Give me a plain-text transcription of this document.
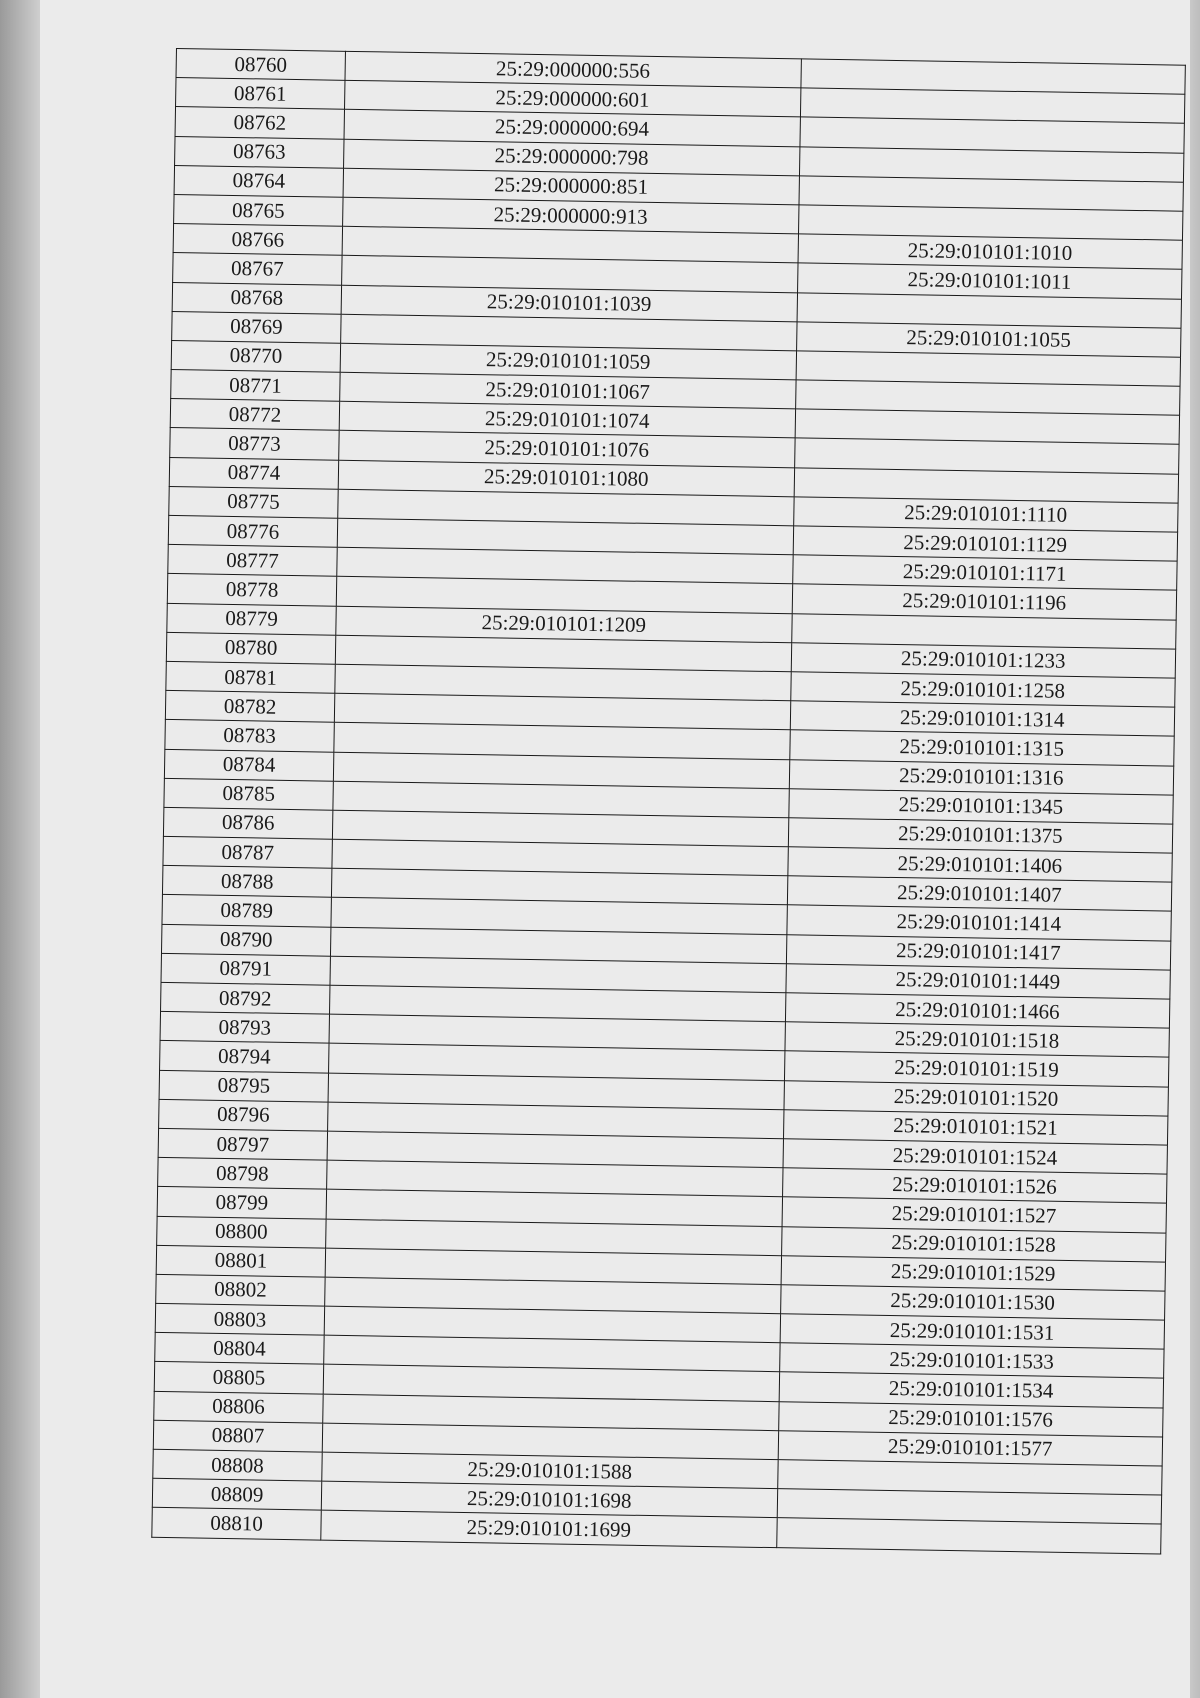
08760	25:29:000000:556	
08761	25:29:000000:601	
08762	25:29:000000:694	
08763	25:29:000000:798	
08764	25:29:000000:851	
08765	25:29:000000:913	
08766		25:29:010101:1010
08767		25:29:010101:1011
08768	25:29:010101:1039	
08769		25:29:010101:1055
08770	25:29:010101:1059	
08771	25:29:010101:1067	
08772	25:29:010101:1074	
08773	25:29:010101:1076	
08774	25:29:010101:1080	
08775		25:29:010101:1110
08776		25:29:010101:1129
08777		25:29:010101:1171
08778		25:29:010101:1196
08779	25:29:010101:1209	
08780		25:29:010101:1233
08781		25:29:010101:1258
08782		25:29:010101:1314
08783		25:29:010101:1315
08784		25:29:010101:1316
08785		25:29:010101:1345
08786		25:29:010101:1375
08787		25:29:010101:1406
08788		25:29:010101:1407
08789		25:29:010101:1414
08790		25:29:010101:1417
08791		25:29:010101:1449
08792		25:29:010101:1466
08793		25:29:010101:1518
08794		25:29:010101:1519
08795		25:29:010101:1520
08796		25:29:010101:1521
08797		25:29:010101:1524
08798		25:29:010101:1526
08799		25:29:010101:1527
08800		25:29:010101:1528
08801		25:29:010101:1529
08802		25:29:010101:1530
08803		25:29:010101:1531
08804		25:29:010101:1533
08805		25:29:010101:1534
08806		25:29:010101:1576
08807		25:29:010101:1577
08808	25:29:010101:1588	
08809	25:29:010101:1698	
08810	25:29:010101:1699	
